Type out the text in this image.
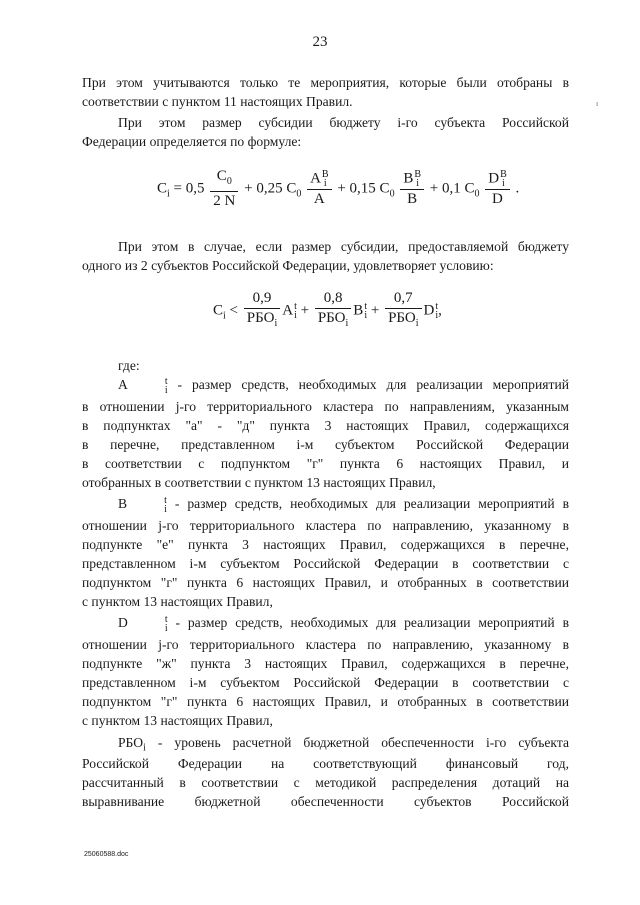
23
ı
При этом учитываются только те мероприятия, которые были отобраны в
соответствии с пунктом 11 настоящих Правил.
При этом размер субсидии бюджету i-го субъекта Российской
Федерации определяется по формуле:
$C_i = 0,5 \frac{C_0}{2 N} + 0,25$ $C_0$ A B
i
A + 0,15 $C_0$ B B
i
B + 0,1 $C_0$ D B
i
D .
При этом в случае, если размер субсидии, предоставляемой бюджету
одного из 2 субъектов Российской Федерации, удовлетворяет условию:
$C_i < \frac{0,9}{РБО_i}$ A t
$i + \frac{0,8}{РБО_i}$ B t
$i + \frac{0,7}{РБО_i}$ D t
i ,
где:
A	t
i - размер средств, необходимых для реализации мероприятий
в отношении j-го территориального кластера по направлениям, указанным
в подпунктах "а" - "д" пункта 3 настоящих Правил, содержащихся
в перечне, представленном i-м субъектом Российской Федерации
в соответствии с подпунктом "г" пункта 6 настоящих Правил, и
отобранных в соответствии с пунктом 13 настоящих Правил,
B	t
i - размер средств, необходимых для реализации мероприятий в
отношении j-го территориального кластера по направлению, указанному в
подпункте "е" пункта 3 настоящих Правил, содержащихся в перечне,
представленном i-м субъектом Российской Федерации в соответствии с
подпунктом "г" пункта 6 настоящих Правил, и отобранных в соответствии
с пунктом 13 настоящих Правил,
D	t
i - размер средств, необходимых для реализации мероприятий в
отношении j-го территориального кластера по направлению, указанному в
подпункте "ж" пункта 3 настоящих Правил, содержащихся в перечне,
представленном i-м субъектом Российской Федерации в соответствии с
подпунктом "г" пункта 6 настоящих Правил, и отобранных в соответствии
с пунктом 13 настоящих Правил,
$РБО_i$ - уровень расчетной бюджетной обеспеченности i-го субъекта
Российской Федерации на соответствующий финансовый год,
рассчитанный в соответствии с методикой распределения дотаций на
выравнивание бюджетной обеспеченности субъектов Российской
25060588.doc
